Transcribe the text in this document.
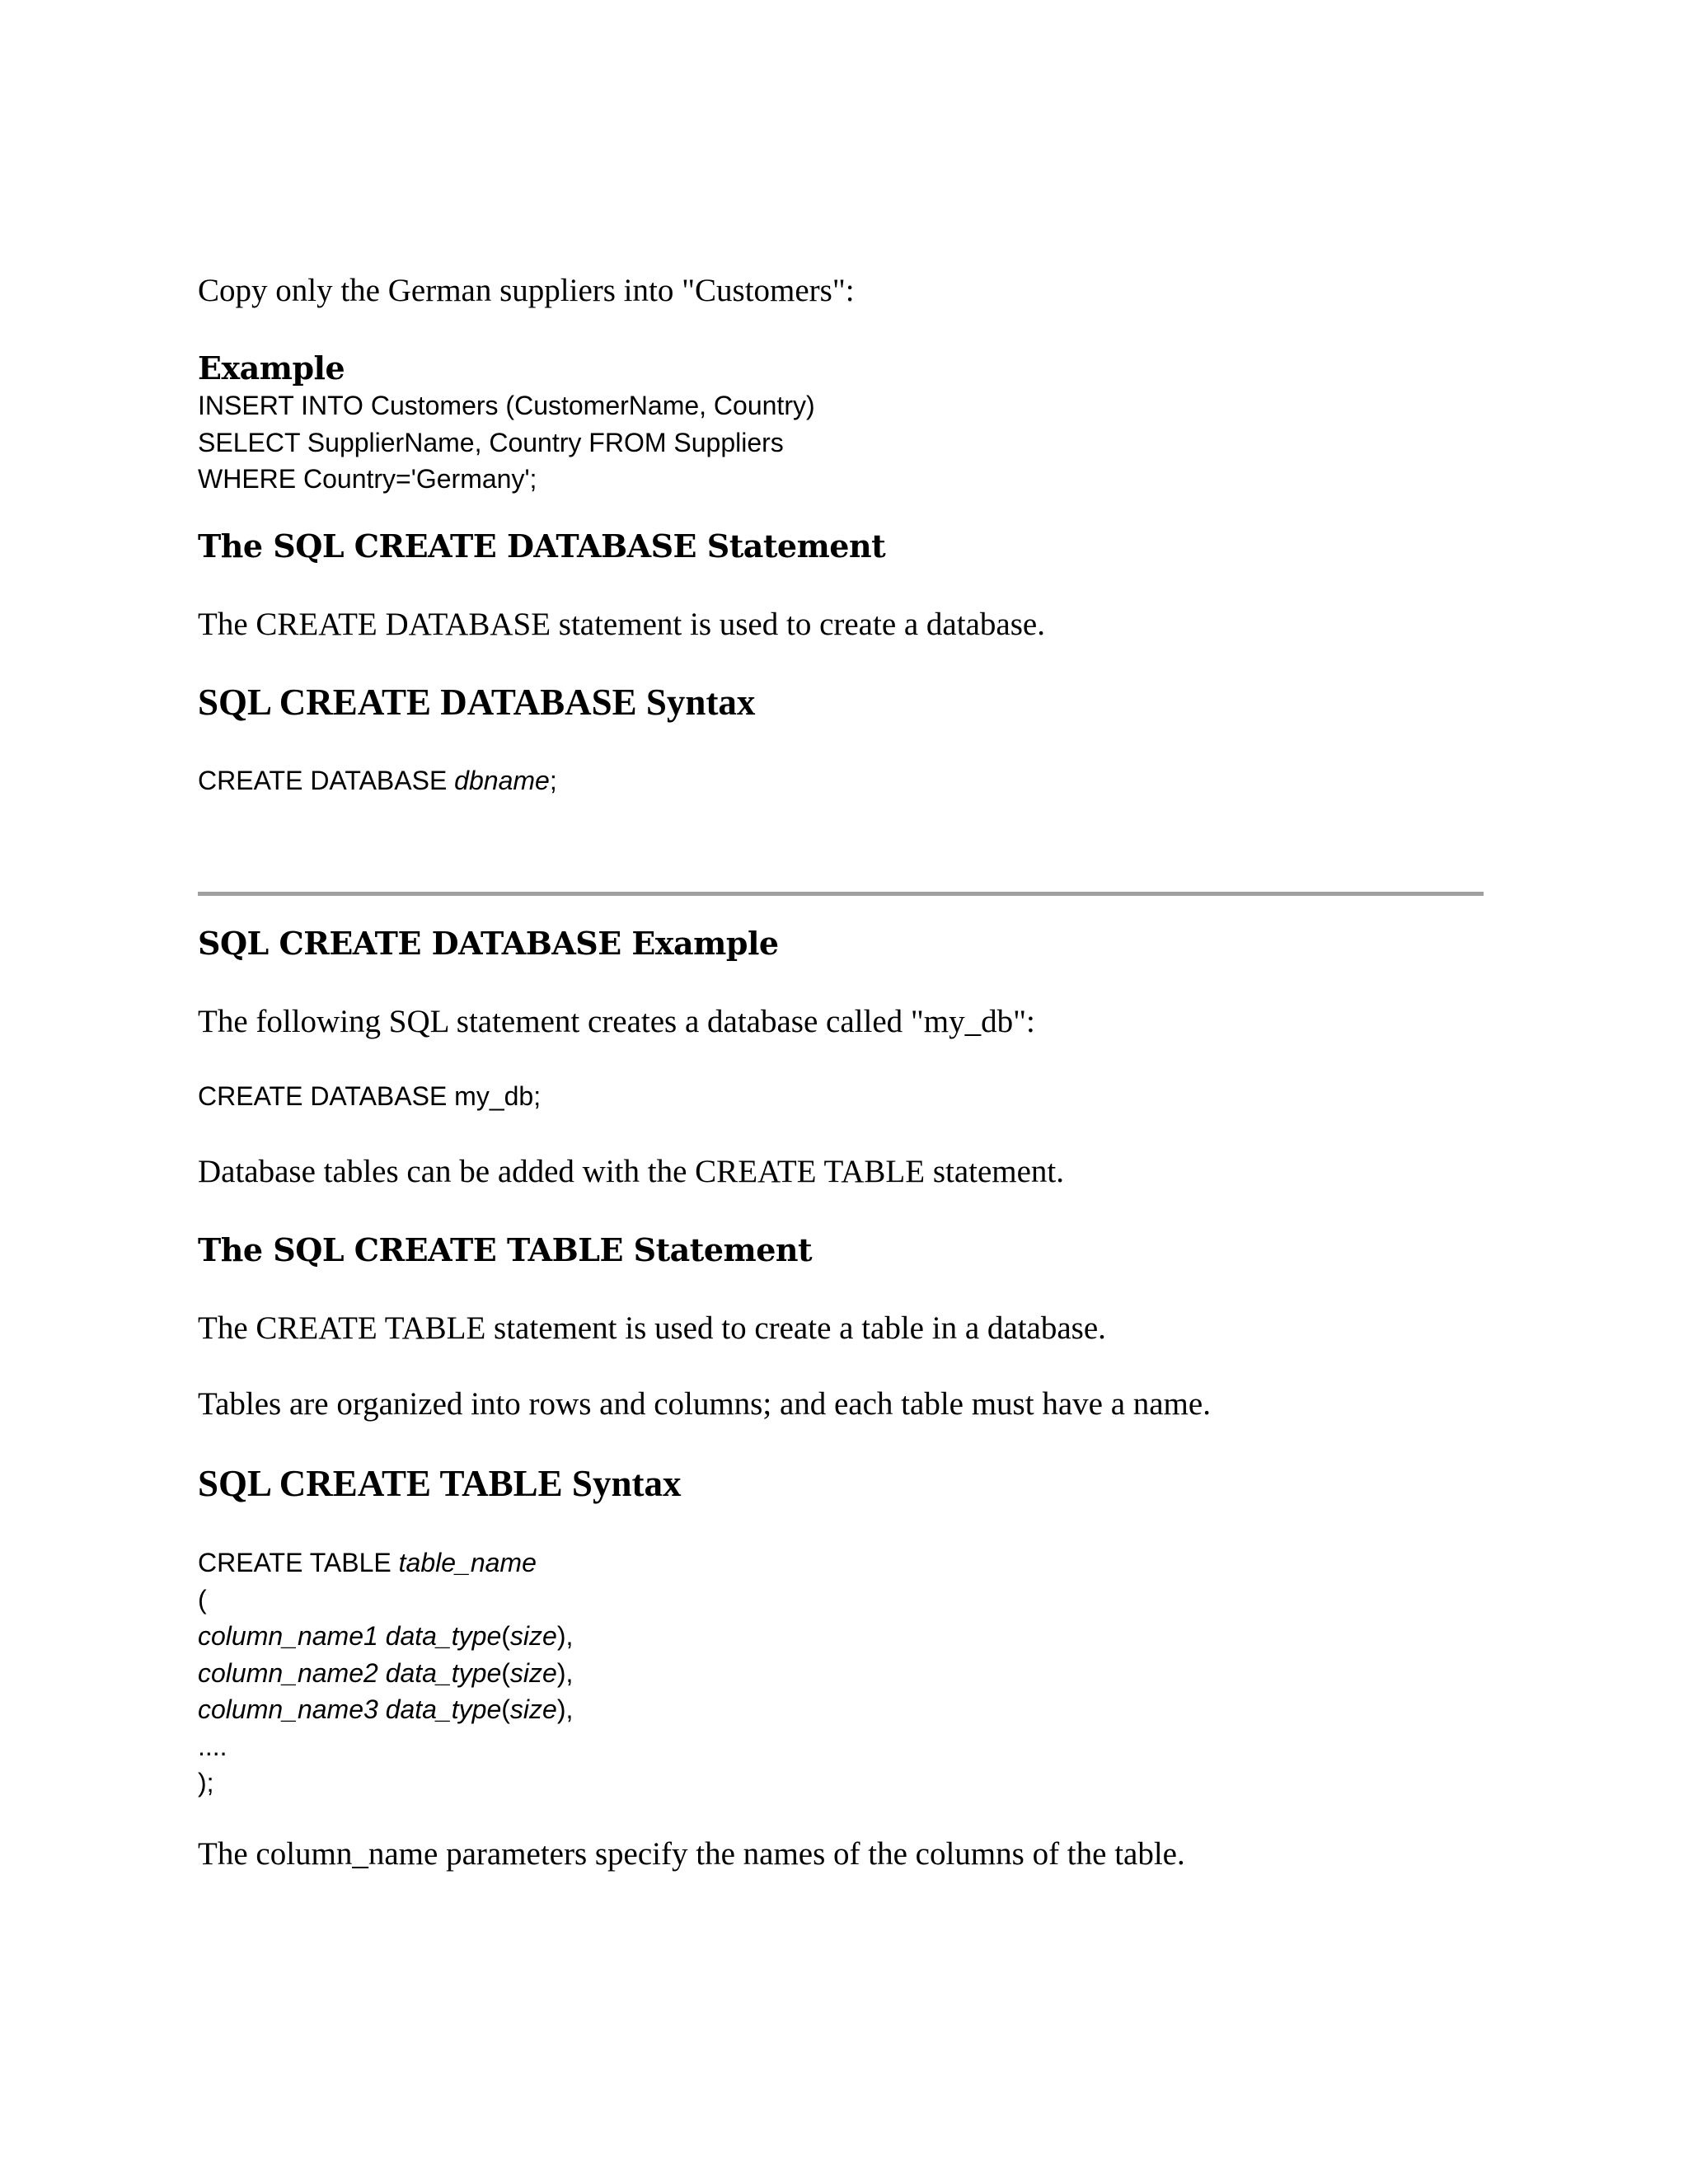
Copy only the German suppliers into "Customers":

Example
INSERT INTO Customers (CustomerName, Country)
SELECT SupplierName, Country FROM Suppliers
WHERE Country='Germany';
The SQL CREATE DATABASE Statement

The CREATE DATABASE statement is used to create a database.

SQL CREATE DATABASE Syntax
CREATE DATABASE dbname;
SQL CREATE DATABASE Example

The following SQL statement creates a database called "my_db":

CREATE DATABASE my_db;

Database tables can be added with the CREATE TABLE statement.

The SQL CREATE TABLE Statement

The CREATE TABLE statement is used to create a table in a database.

Tables are organized into rows and columns; and each table must have a name.

SQL CREATE TABLE Syntax
CREATE TABLE table_name
(
column_name1 data_type(size),
column_name2 data_type(size),
column_name3 data_type(size),
....
);

The column_name parameters specify the names of the columns of the table.
